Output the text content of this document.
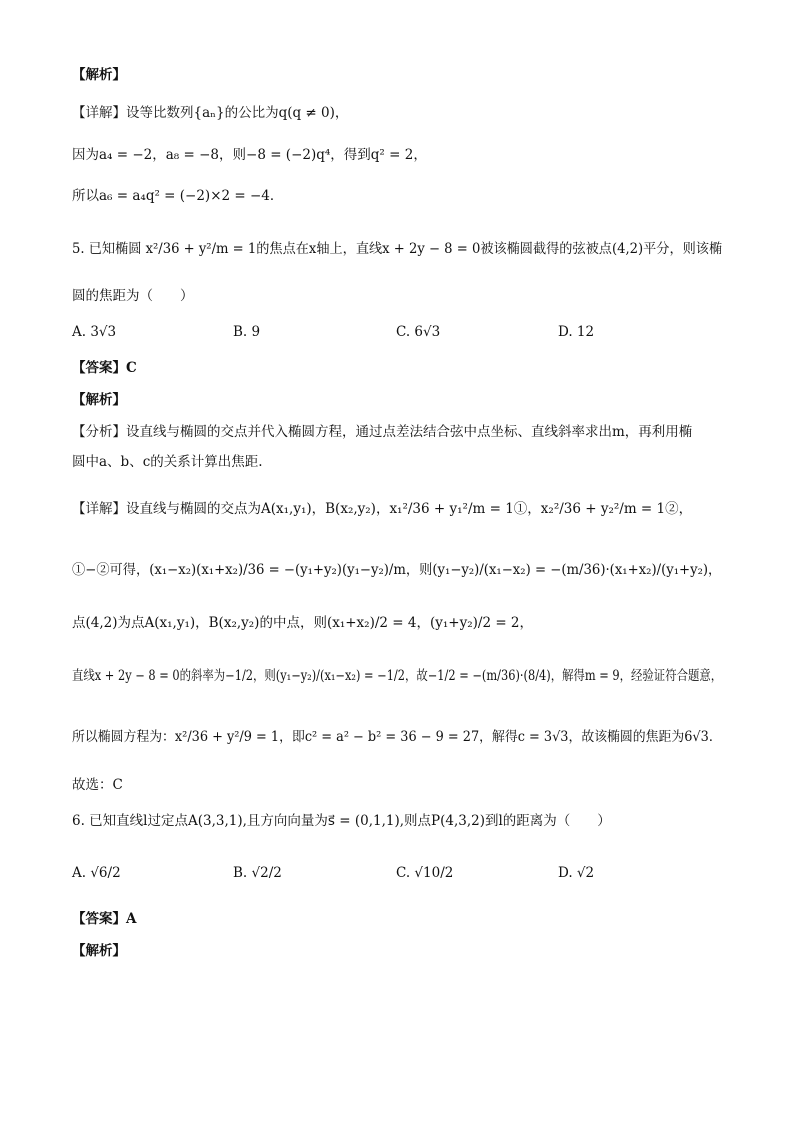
【解析】
【详解】设等比数列{aₙ}的公比为q(q ≠ 0)，
因为a₄ = −2，a₈ = −8，则−8 = (−2)q⁴，得到q² = 2，
所以a₆ = a₄q² = (−2)×2 = −4．
5. 已知椭圆 x²/36 + y²/m = 1的焦点在x轴上，直线x + 2y − 8 = 0被该椭圆截得的弦被点(4,2)平分，则该椭
圆的焦距为（　　）
A. 3√3	B. 9	C. 6√3	D. 12
【答案】C
【解析】
【分析】设直线与椭圆的交点并代入椭圆方程，通过点差法结合弦中点坐标、直线斜率求出m，再利用椭
圆中a、b、c的关系计算出焦距.
【详解】设直线与椭圆的交点为A(x₁,y₁)，B(x₂,y₂)，x₁²/36 + y₁²/m = 1①，x₂²/36 + y₂²/m = 1②，
①−②可得，(x₁−x₂)(x₁+x₂)/36 = −(y₁+y₂)(y₁−y₂)/m，则(y₁−y₂)/(x₁−x₂) = −(m/36)·(x₁+x₂)/(y₁+y₂)，
点(4,2)为点A(x₁,y₁)，B(x₂,y₂)的中点，则(x₁+x₂)/2 = 4，(y₁+y₂)/2 = 2，
直线x + 2y − 8 = 0的斜率为−1/2，则(y₁−y₂)/(x₁−x₂) = −1/2，故−1/2 = −(m/36)·(8/4)，解得m = 9，经验证符合题意，
所以椭圆方程为：x²/36 + y²/9 = 1，即c² = a² − b² = 36 − 9 = 27，解得c = 3√3，故该椭圆的焦距为6√3．
故选：C
6. 已知直线l过定点A(3,3,1),且方向向量为s⃗ = (0,1,1),则点P(4,3,2)到l的距离为（　　）
A. √6/2	B. √2/2	C. √10/2	D. √2
【答案】A
【解析】
